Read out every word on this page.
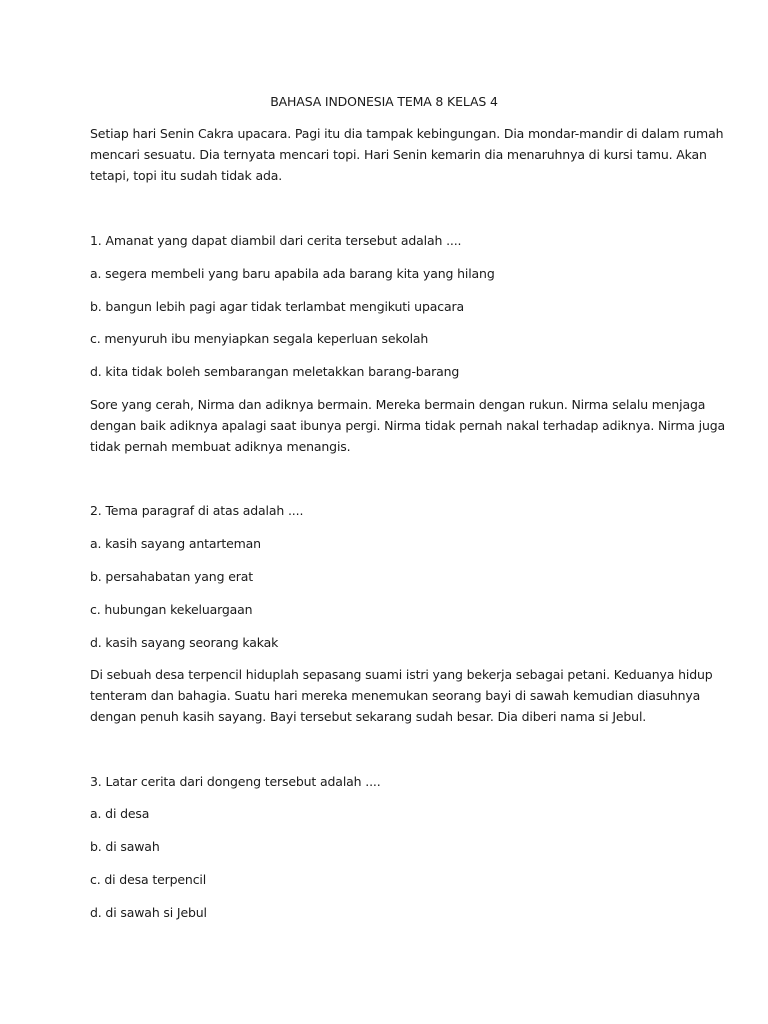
BAHASA INDONESIA TEMA 8 KELAS 4
Setiap hari Senin Cakra upacara. Pagi itu dia tampak kebingungan. Dia mondar-mandir di dalam rumah
mencari sesuatu. Dia ternyata mencari topi. Hari Senin kemarin dia menaruhnya di kursi tamu. Akan
tetapi, topi itu sudah tidak ada.
1. Amanat yang dapat diambil dari cerita tersebut adalah ....
a. segera membeli yang baru apabila ada barang kita yang hilang
b. bangun lebih pagi agar tidak terlambat mengikuti upacara
c. menyuruh ibu menyiapkan segala keperluan sekolah
d. kita tidak boleh sembarangan meletakkan barang-barang
Sore yang cerah, Nirma dan adiknya bermain. Mereka bermain dengan rukun. Nirma selalu menjaga
dengan baik adiknya apalagi saat ibunya pergi. Nirma tidak pernah nakal terhadap adiknya. Nirma juga
tidak pernah membuat adiknya menangis.
2. Tema paragraf di atas adalah ....
a. kasih sayang antarteman
b. persahabatan yang erat
c. hubungan kekeluargaan
d. kasih sayang seorang kakak
Di sebuah desa terpencil hiduplah sepasang suami istri yang bekerja sebagai petani. Keduanya hidup
tenteram dan bahagia. Suatu hari mereka menemukan seorang bayi di sawah kemudian diasuhnya
dengan penuh kasih sayang. Bayi tersebut sekarang sudah besar. Dia diberi nama si Jebul.
3. Latar cerita dari dongeng tersebut adalah ....
a. di desa
b. di sawah
c. di desa terpencil
d. di sawah si Jebul
